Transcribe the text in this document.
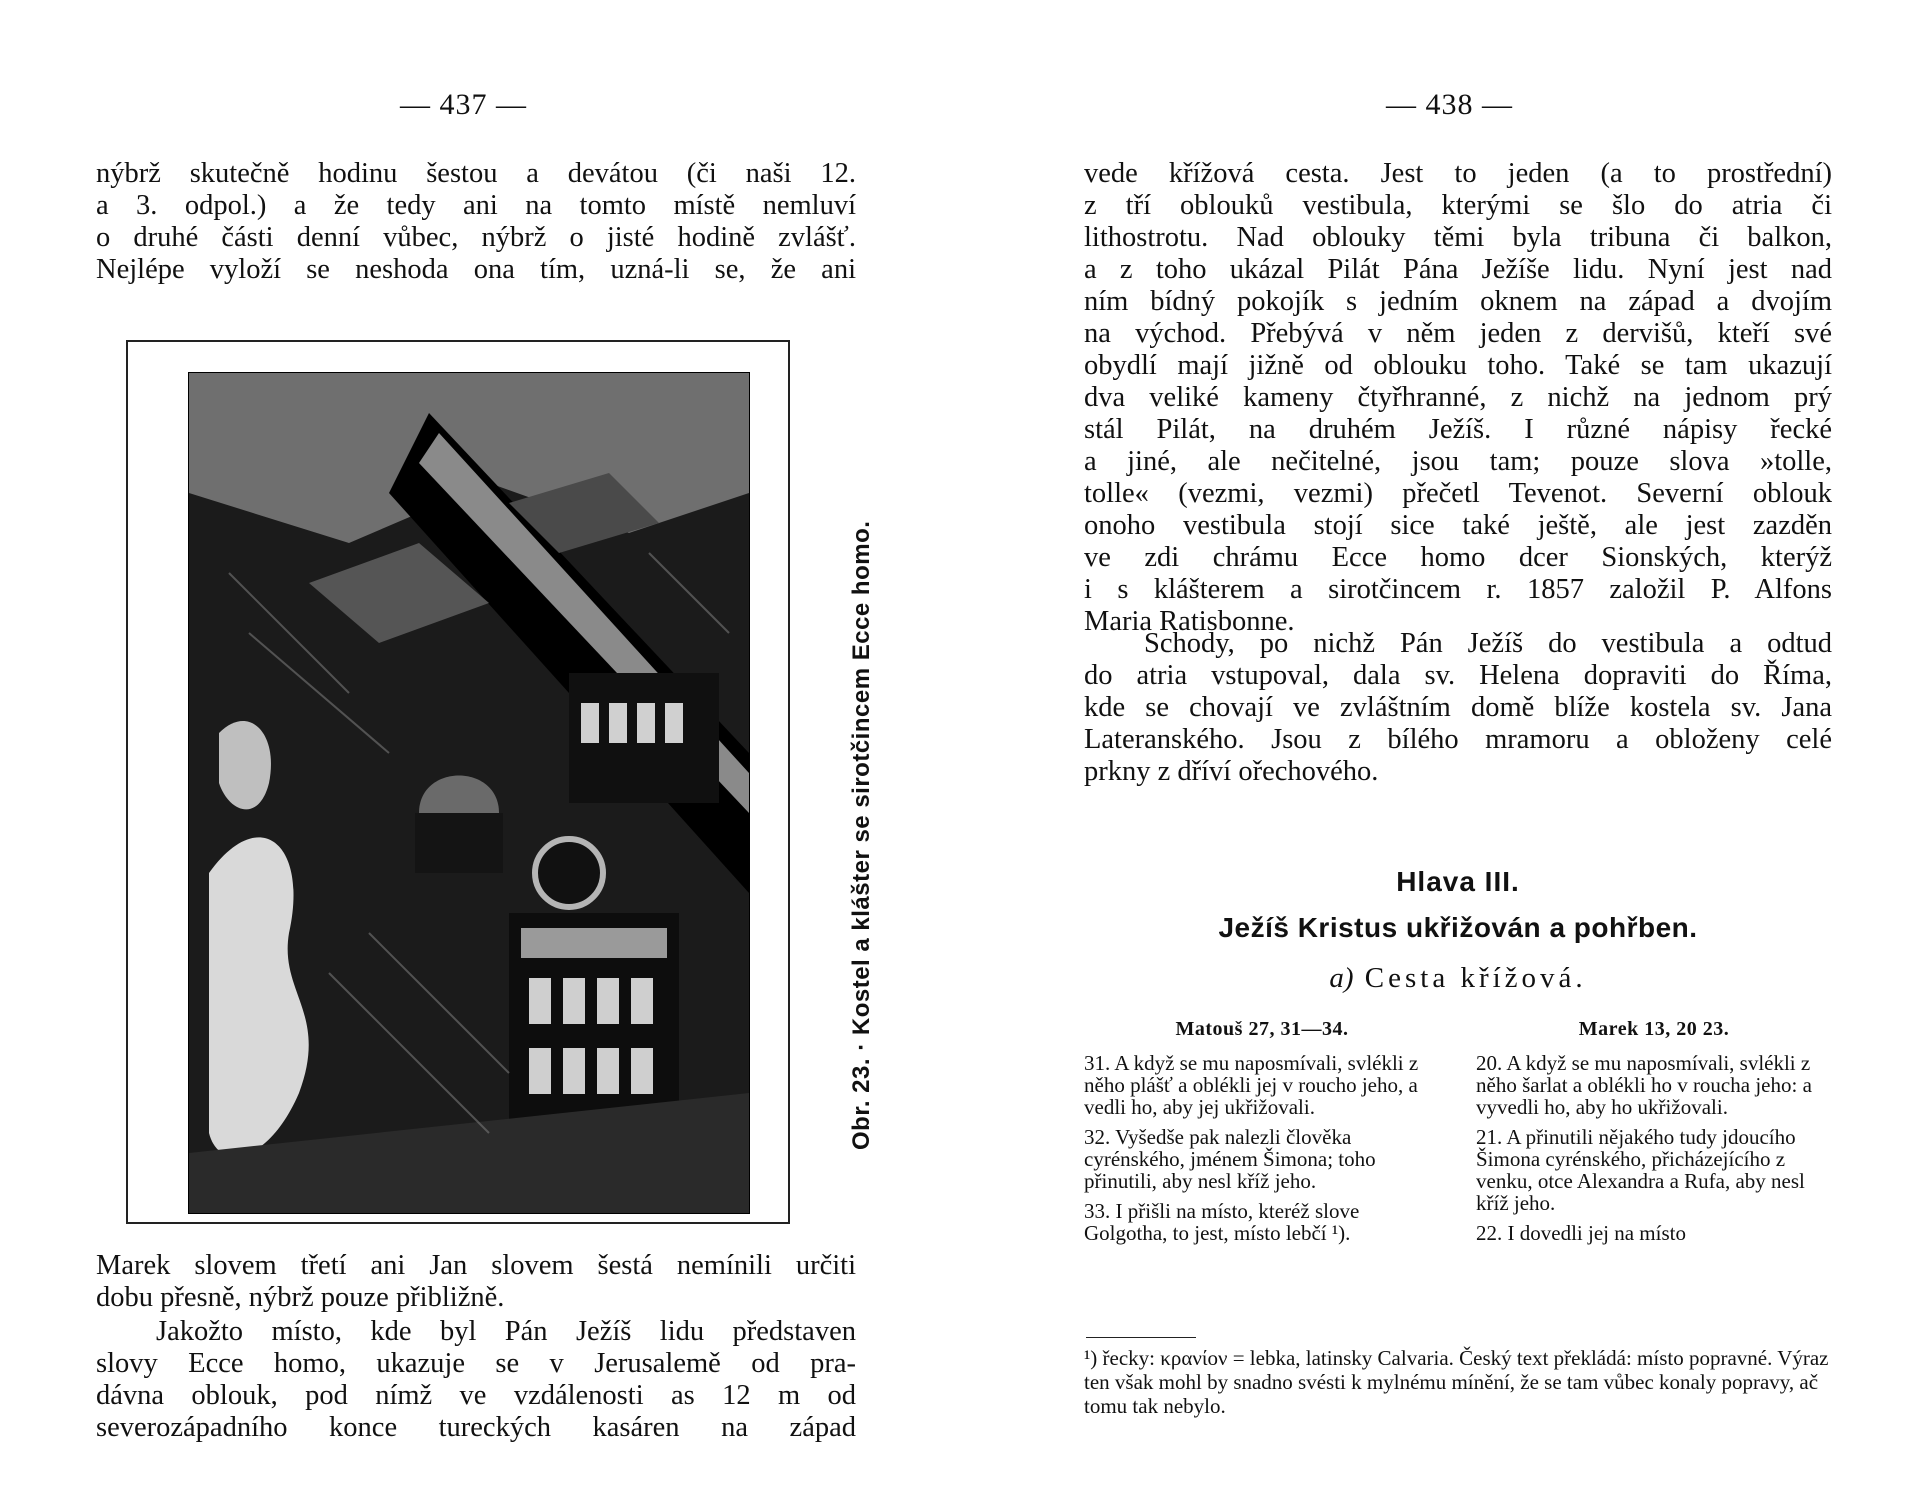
— 437 —
nýbrž skutečně hodinu šestou a devátou (či naši 12.
a 3. odpol.) a že tedy ani na tomto místě nemluví
o druhé části denní vůbec, nýbrž o jisté hodině zvlášť.
Nejlépe vyloží se neshoda ona tím, uzná-li se, že ani
Obr. 23. · Kostel a klášter se sirotčincem Ecce homo.
Marek slovem třetí ani Jan slovem šestá nemínili určiti
dobu přesně, nýbrž pouze přibližně.
Jakožto místo, kde byl Pán Ježíš lidu představen
slovy Ecce homo, ukazuje se v Jerusalemě od pra-
dávna oblouk, pod nímž ve vzdálenosti as 12 m od
severozápadního konce tureckých kasáren na západ
— 438 —
vede křížová cesta. Jest to jeden (a to prostřední)
z tří oblouků vestibula, kterými se šlo do atria či
lithostrotu. Nad oblouky těmi byla tribuna či balkon,
a z toho ukázal Pilát Pána Ježíše lidu. Nyní jest nad
ním bídný pokojík s jedním oknem na západ a dvojím
na východ. Přebývá v něm jeden z dervišů, kteří své
obydlí mají jižně od oblouku toho. Také se tam ukazují
dva veliké kameny čtyřhranné, z nichž na jednom prý
stál Pilát, na druhém Ježíš. I různé nápisy řecké
a jiné, ale nečitelné, jsou tam; pouze slova »tolle,
tolle« (vezmi, vezmi) přečetl Tevenot. Severní oblouk
onoho vestibula stojí sice také ještě, ale jest zazděn
ve zdi chrámu Ecce homo dcer Sionských, kterýž
i s klášterem a sirotčincem r. 1857 založil P. Alfons
Maria Ratisbonne.
Schody, po nichž Pán Ježíš do vestibula a odtud
do atria vstupoval, dala sv. Helena dopraviti do Říma,
kde se chovají ve zvláštním domě blíže kostela sv. Jana
Lateranského. Jsou z bílého mramoru a obloženy celé
prkny z dříví ořechového.
Hlava III.
Ježíš Kristus ukřižován a pohřben.
a) Cesta křížová.
Matouš 27, 31—34.
31. A když se mu naposmívali, svlékli z něho plášť a oblékli jej v roucho jeho, a vedli ho, aby jej ukřižovali.
32. Vyšedše pak nalezli člověka cyrénského, jménem Šimona; toho přinutili, aby nesl kříž jeho.
33. I přišli na místo, kteréž slove Golgotha, to jest, místo lebčí ¹).
Marek 13, 20 23.
20. A když se mu naposmívali, svlékli z něho šarlat a oblékli ho v roucha jeho: a vyvedli ho, aby ho ukřižovali.
21. A přinutili nějakého tudy jdoucího Šimona cyrénského, přicházejícího z venku, otce Alexandra a Rufa, aby nesl kříž jeho.
22. I dovedli jej na místo
¹) řecky: κρανίον = lebka, latinsky Calvaria. Český text překládá: místo popravné. Výraz ten však mohl by snadno svésti k mylnému mínění, že se tam vůbec konaly popravy, ač tomu tak nebylo.
